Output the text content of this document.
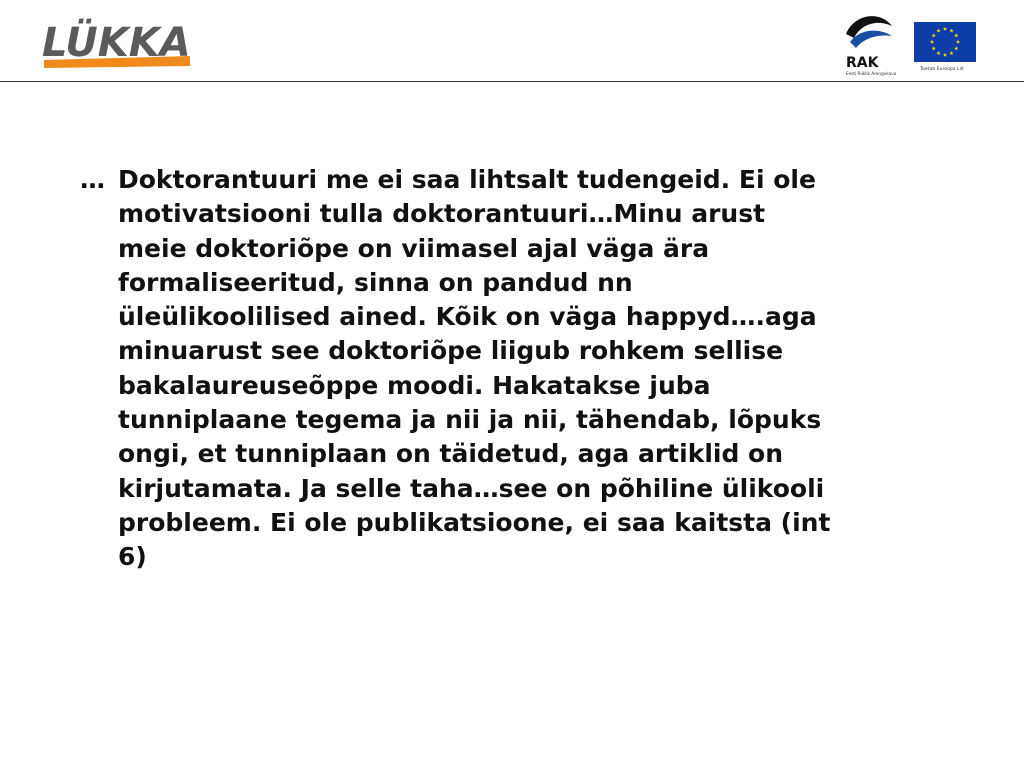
LÜKKA	RAK
Eesti Riiklik Arengukava
Toetab Euroopa Liit
… Doktorantuuri me ei saa lihtsalt tudengeid. Ei ole
motivatsiooni tulla doktorantuuri…Minu arust
meie doktoriõpe on viimasel ajal väga ära
formaliseeritud, sinna on pandud nn
üleülikoolilised ained. Kõik on väga happyd….aga
minuarust see doktoriõpe liigub rohkem sellise
bakalaureuseõppe moodi. Hakatakse juba
tunniplaane tegema ja nii ja nii, tähendab, lõpuks
ongi, et tunniplaan on täidetud, aga artiklid on
kirjutamata. Ja selle taha…see on põhiline ülikooli
probleem. Ei ole publikatsioone, ei saa kaitsta (int
6)
